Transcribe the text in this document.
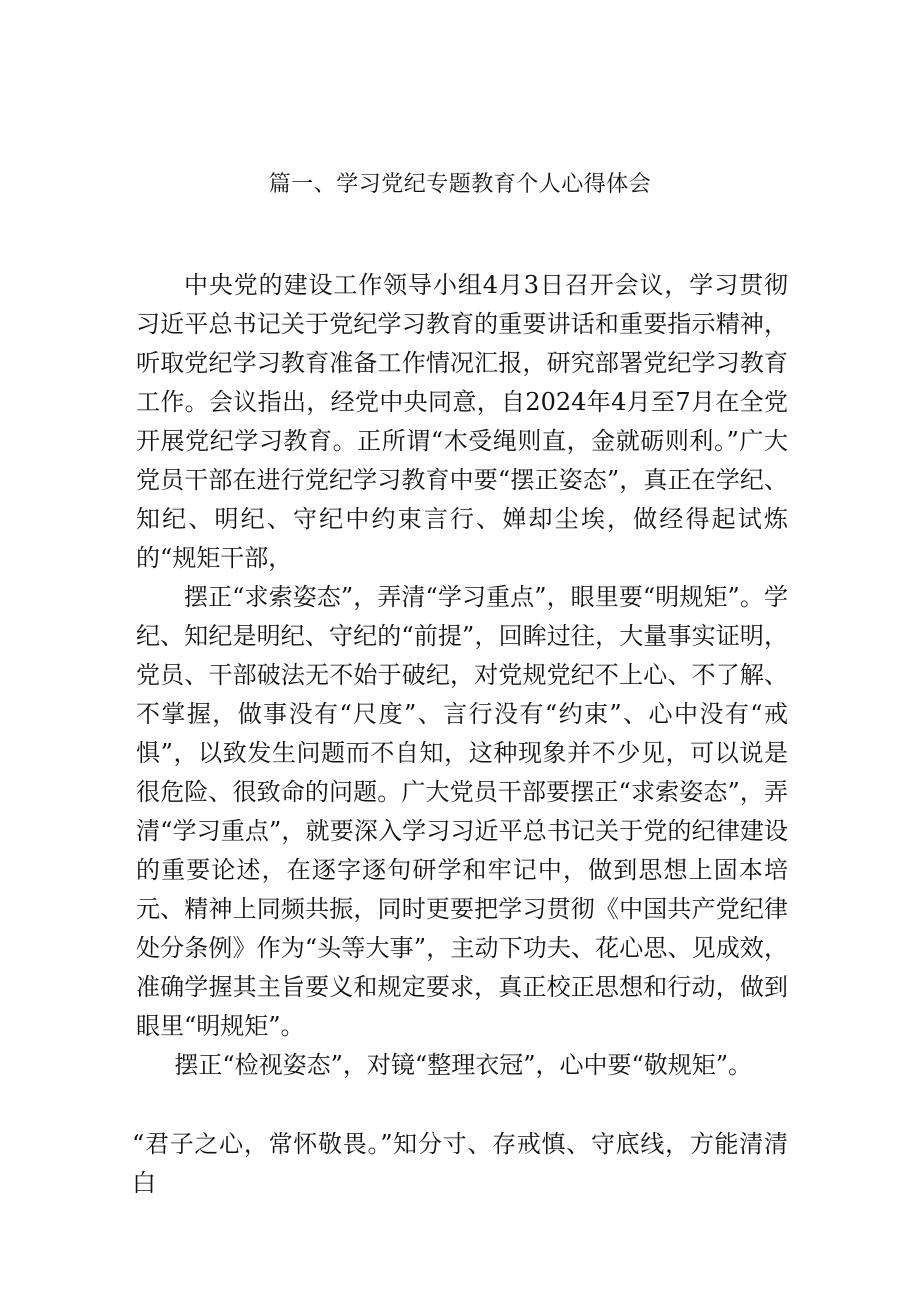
篇一、学习党纪专题教育个人心得体会

中央党的建设工作领导小组4月3日召开会议，学习贯彻习近平总书记关于党纪学习教育的重要讲话和重要指示精神，听取党纪学习教育准备工作情况汇报，研究部署党纪学习教育工作。会议指出，经党中央同意，自2024年4月至7月在全党开展党纪学习教育。正所谓“木受绳则直，金就砺则利。”广大党员干部在进行党纪学习教育中要“摆正姿态”，真正在学纪、知纪、明纪、守纪中约束言行、婵却尘埃，做经得起试炼的“规矩干部，

摆正“求索姿态”，弄清“学习重点”，眼里要“明规矩”。学纪、知纪是明纪、守纪的“前提”，回眸过往，大量事实证明，党员、干部破法无不始于破纪，对党规党纪不上心、不了解、不掌握，做事没有“尺度”、言行没有“约束”、心中没有“戒惧”，以致发生问题而不自知，这种现象并不少见，可以说是很危险、很致命的问题。广大党员干部要摆正“求索姿态”，弄清“学习重点”，就要深入学习习近平总书记关于党的纪律建设的重要论述，在逐字逐句研学和牢记中，做到思想上固本培元、精神上同频共振，同时更要把学习贯彻《中国共产党纪律处分条例》作为“头等大事”，主动下功夫、花心思、见成效，准确学握其主旨要义和规定要求，真正校正思想和行动，做到眼里“明规矩”。

摆正“检视姿态”，对镜“整理衣冠”，心中要“敬规矩”。

“君子之心，常怀敬畏。”知分寸、存戒慎、守底线，方能清清白
